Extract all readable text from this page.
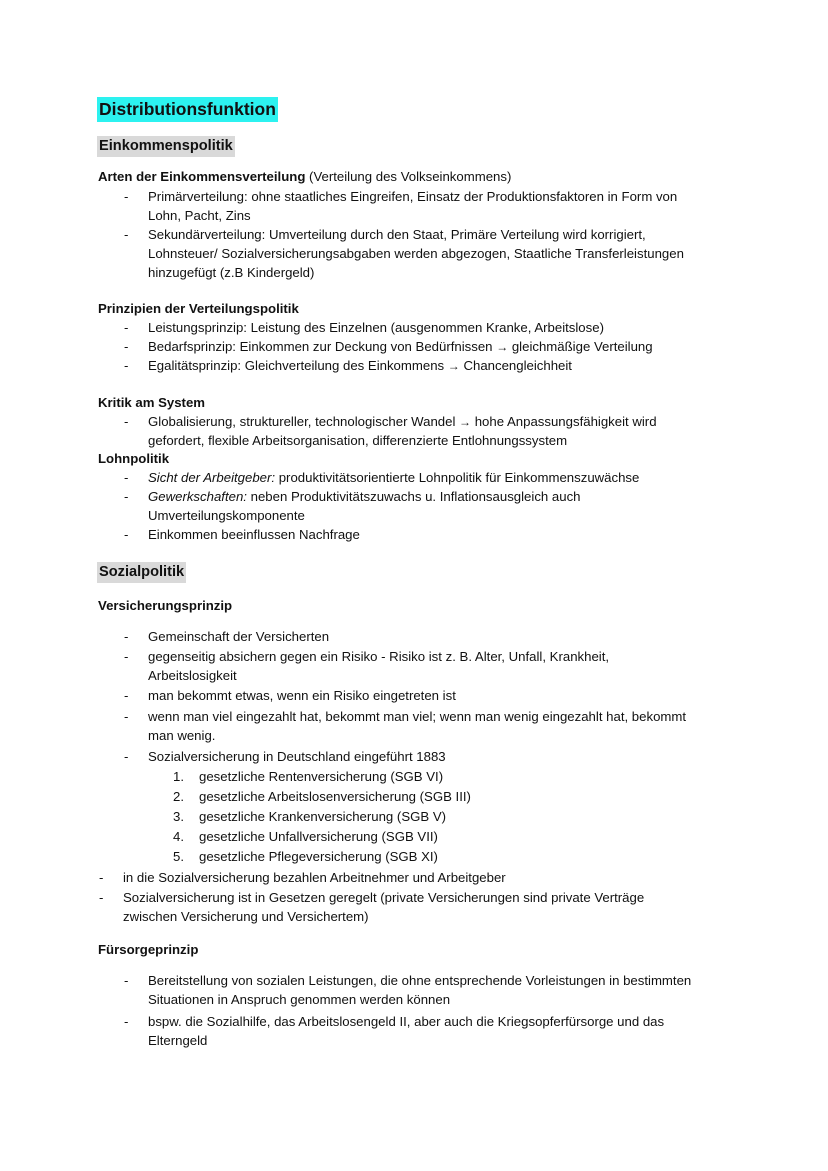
Distributionsfunktion
Einkommenspolitik
Arten der Einkommensverteilung (Verteilung des Volkseinkommens)
- Primärverteilung: ohne staatliches Eingreifen, Einsatz der Produktionsfaktoren in Form von
Lohn, Pacht, Zins
- Sekundärverteilung: Umverteilung durch den Staat, Primäre Verteilung wird korrigiert,
Lohnsteuer/ Sozialversicherungsabgaben werden abgezogen, Staatliche Transferleistungen
hinzugefügt (z.B Kindergeld)
Prinzipien der Verteilungspolitik
- Leistungsprinzip: Leistung des Einzelnen (ausgenommen Kranke, Arbeitslose)
- Bedarfsprinzip: Einkommen zur Deckung von Bedürfnissen → gleichmäßige Verteilung
- Egalitätsprinzip: Gleichverteilung des Einkommens → Chancengleichheit
Kritik am System
- Globalisierung, struktureller, technologischer Wandel → hohe Anpassungsfähigkeit wird
gefordert, flexible Arbeitsorganisation, differenzierte Entlohnungssystem
Lohnpolitik
- Sicht der Arbeitgeber: produktivitätsorientierte Lohnpolitik für Einkommenszuwächse
- Gewerkschaften: neben Produktivitätszuwachs u. Inflationsausgleich auch
Umverteilungskomponente
- Einkommen beeinflussen Nachfrage
Sozialpolitik
Versicherungsprinzip
- Gemeinschaft der Versicherten
- gegenseitig absichern gegen ein Risiko - Risiko ist z. B. Alter, Unfall, Krankheit,
Arbeitslosigkeit
- man bekommt etwas, wenn ein Risiko eingetreten ist
- wenn man viel eingezahlt hat, bekommt man viel; wenn man wenig eingezahlt hat, bekommt
man wenig.
- Sozialversicherung in Deutschland eingeführt 1883
1. gesetzliche Rentenversicherung (SGB VI)
2. gesetzliche Arbeitslosenversicherung (SGB III)
3. gesetzliche Krankenversicherung (SGB V)
4. gesetzliche Unfallversicherung (SGB VII)
5. gesetzliche Pflegeversicherung (SGB XI)
- in die Sozialversicherung bezahlen Arbeitnehmer und Arbeitgeber
- Sozialversicherung ist in Gesetzen geregelt (private Versicherungen sind private Verträge
zwischen Versicherung und Versichertem)
Fürsorgeprinzip
- Bereitstellung von sozialen Leistungen, die ohne entsprechende Vorleistungen in bestimmten
Situationen in Anspruch genommen werden können
- bspw. die Sozialhilfe, das Arbeitslosengeld II, aber auch die Kriegsopferfürsorge und das
Elterngeld
